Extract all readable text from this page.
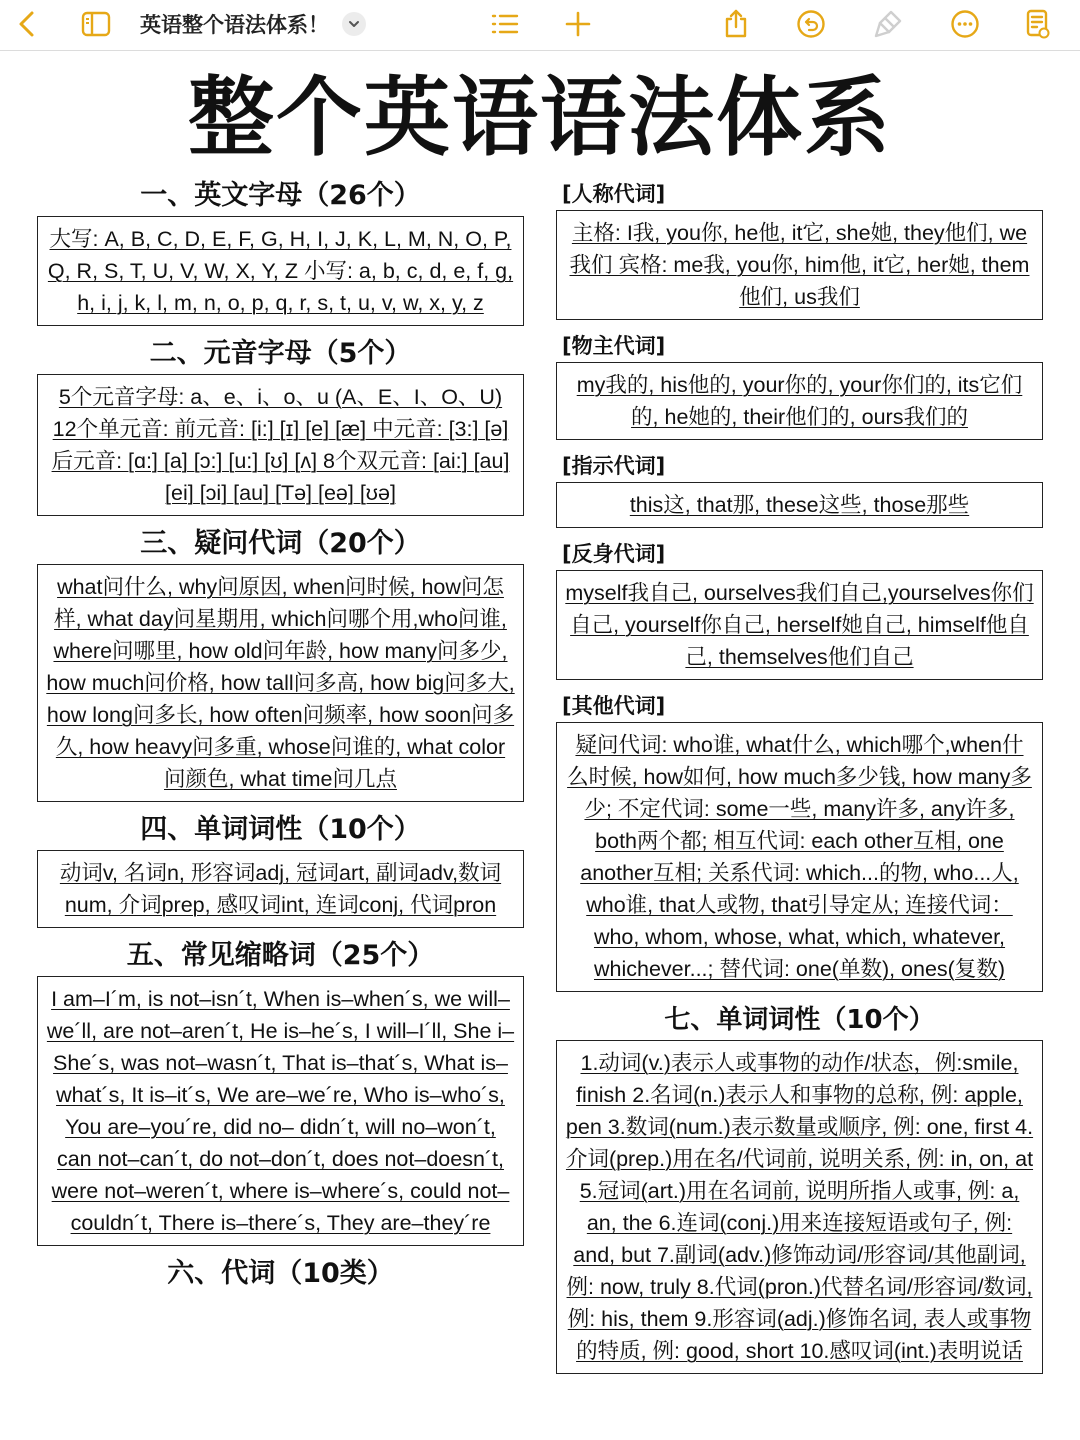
英语整个语法体系！
整个英语语法体系
一、英文字母（26个）
大写: A, B, C, D, E, F, G, H, I, J, K, L, M, N, O, P, Q, R, S, T, U, V, W, X, Y, Z 小写: a, b, c, d, e, f, g, h, i, j, k, l, m, n, o, p, q, r, s, t, u, v, w, x, y, z
二、元音字母（5个）
5个元音字母: a、e、i、o、u (A、E、I、O、U) 12个单元音: 前元音: [i:] [ɪ] [e] [æ] 中元音: [3:] [ə] 后元音: [ɑ:] [a] [ɔ:] [u:] [ʊ] [ʌ] 8个双元音: [ai:] [au] [ei] [ɔi] [au] [Tə] [eə] [ʊə]
三、疑问代词（20个）
what问什么, why问原因, when问时候, how问怎样, what day问星期用, which问哪个用,who问谁, where问哪里, how old问年龄, how many问多少, how much问价格, how tall问多高, how big问多大, how long问多长, how often问频率, how soon问多久, how heavy问多重, whose问谁的, what color问颜色, what time问几点
四、单词词性（10个）
动词v, 名词n, 形容词adj, 冠词art, 副词adv,数词num, 介词prep, 感叹词int, 连词conj, 代词pron
五、常见缩略词（25个）
I am–I´m, is not–isn´t, When is–when´s, we will–we´ll, are not–aren´t, He is–he´s, I will–I´ll, She i–She´s, was not–wasn´t, That is–that´s, What is–what´s, It is–it´s, We are–we´re, Who is–who´s, You are–you´re, did no– didn´t, will no–won´t, can not–can´t, do not–don´t, does not–doesn´t, were not–weren´t, where is–where´s, could not–couldn´t, There is–there´s, They are–they´re
六、代词（10类）
[人称代词]
主格: I我, you你, he他, it它, she她, they他们, we我们 宾格: me我, you你, him他, it它, her她, them 他们, us我们
[物主代词]
my我的, his他的, your你的, your你们的, its它们的, he她的, their他们的, ours我们的
[指示代词]
this这, that那, these这些, those那些
[反身代词]
myself我自己, ourselves我们自己,yourselves你们自己, yourself你自己, herself她自己, himself他自己, themselves他们自己
[其他代词]
疑问代词: who谁, what什么, which哪个,when什么时候, how如何, how much多少钱, how many多少; 不定代词: some一些, many许多, any许多, both两个都; 相互代词: each other互相, one another互相; 关系代词: which...的物, who...人, who谁, that人或物, that引导定从; 连接代词：who, whom, whose, what, which, whatever, whichever...; 替代词: one(单数), ones(复数)
七、单词词性（10个）
1.动词(v.)表示人或事物的动作/状态，例:smile, finish 2.名词(n.)表示人和事物的总称, 例: apple, pen 3.数词(num.)表示数量或顺序, 例: one, first 4.介词(prep.)用在名/代词前, 说明关系, 例: in, on, at 5.冠词(art.)用在名词前, 说明所指人或事, 例: a, an, the 6.连词(conj.)用来连接短语或句子, 例: and, but 7.副词(adv.)修饰动词/形容词/其他副词, 例: now, truly 8.代词(pron.)代替名词/形容词/数词, 例: his, them 9.形容词(adj.)修饰名词, 表人或事物的特质, 例: good, short 10.感叹词(int.)表明说话
